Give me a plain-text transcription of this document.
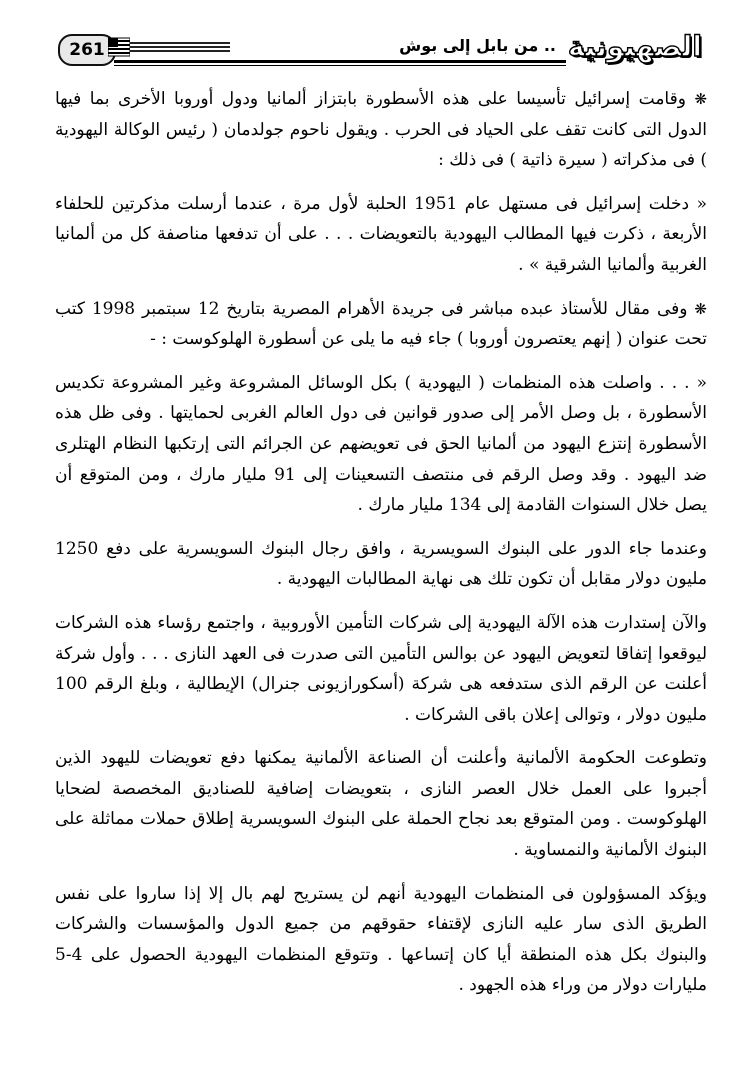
261	.. من بابل إلى بوش الصهيونية

❋ وقامت إسرائيل تأسيسا على هذه الأسطورة بابتزاز ألمانيا ودول أوروبا الأخرى بما فيها الدول التى كانت تقف على الحياد فى الحرب . ويقول ناحوم جولدمان ( رئيس الوكالة اليهودية ) فى مذكراته ( سيرة ذاتية ) فى ذلك :

« دخلت إسرائيل فى مستهل عام 1951 الحلبة لأول مرة ، عندما أرسلت مذكرتين للحلفاء الأربعة ، ذكرت فيها المطالب اليهودية بالتعويضات . . . على أن تدفعها مناصفة كل من ألمانيا الغربية وألمانيا الشرقية » .

❋ وفى مقال للأستاذ عبده مباشر فى جريدة الأهرام المصرية بتاريخ 12 سبتمبر 1998 كتب تحت عنوان ( إنهم يعتصرون أوروبا ) جاء فيه ما يلى عن أسطورة الهلوكوست : -

« . . . واصلت هذه المنظمات ( اليهودية ) بكل الوسائل المشروعة وغير المشروعة تكديس الأسطورة ، بل وصل الأمر إلى صدور قوانين فى دول العالم الغربى لحمايتها . وفى ظل هذه الأسطورة إنتزع اليهود من ألمانيا الحق فى تعويضهم عن الجرائم التى إرتكبها النظام الهتلرى ضد اليهود . وقد وصل الرقم فى منتصف التسعينات إلى 91 مليار مارك ، ومن المتوقع أن يصل خلال السنوات القادمة إلى 134 مليار مارك .

وعندما جاء الدور على البنوك السويسرية ، وافق رجال البنوك السويسرية على دفع 1250 مليون دولار مقابل أن تكون تلك هى نهاية المطالبات اليهودية .

والآن إستدارت هذه الآلة اليهودية إلى شركات التأمين الأوروبية ، واجتمع رؤساء هذه الشركات ليوقعوا إتفاقا لتعويض اليهود عن بوالس التأمين التى صدرت فى العهد النازى . . . وأول شركة أعلنت عن الرقم الذى ستدفعه هى شركة (أسكورازيونى جنرال) الإيطالية ، وبلغ الرقم 100 مليون دولار ، وتوالى إعلان باقى الشركات .

وتطوعت الحكومة الألمانية وأعلنت أن الصناعة الألمانية يمكنها دفع تعويضات لليهود الذين أجبروا على العمل خلال العصر النازى ، بتعويضات إضافية للصناديق المخصصة لضحايا الهلوكوست . ومن المتوقع بعد نجاح الحملة على البنوك السويسرية إطلاق حملات مماثلة على البنوك الألمانية والنمساوية .

ويؤكد المسؤولون فى المنظمات اليهودية أنهم لن يستريح لهم بال إلا إذا ساروا على نفس الطريق الذى سار عليه النازى لإقتفاء حقوقهم من جميع الدول والمؤسسات والشركات والبنوك بكل هذه المنطقة أيا كان إتساعها . وتتوقع المنظمات اليهودية الحصول على 4-5 مليارات دولار من وراء هذه الجهود .
